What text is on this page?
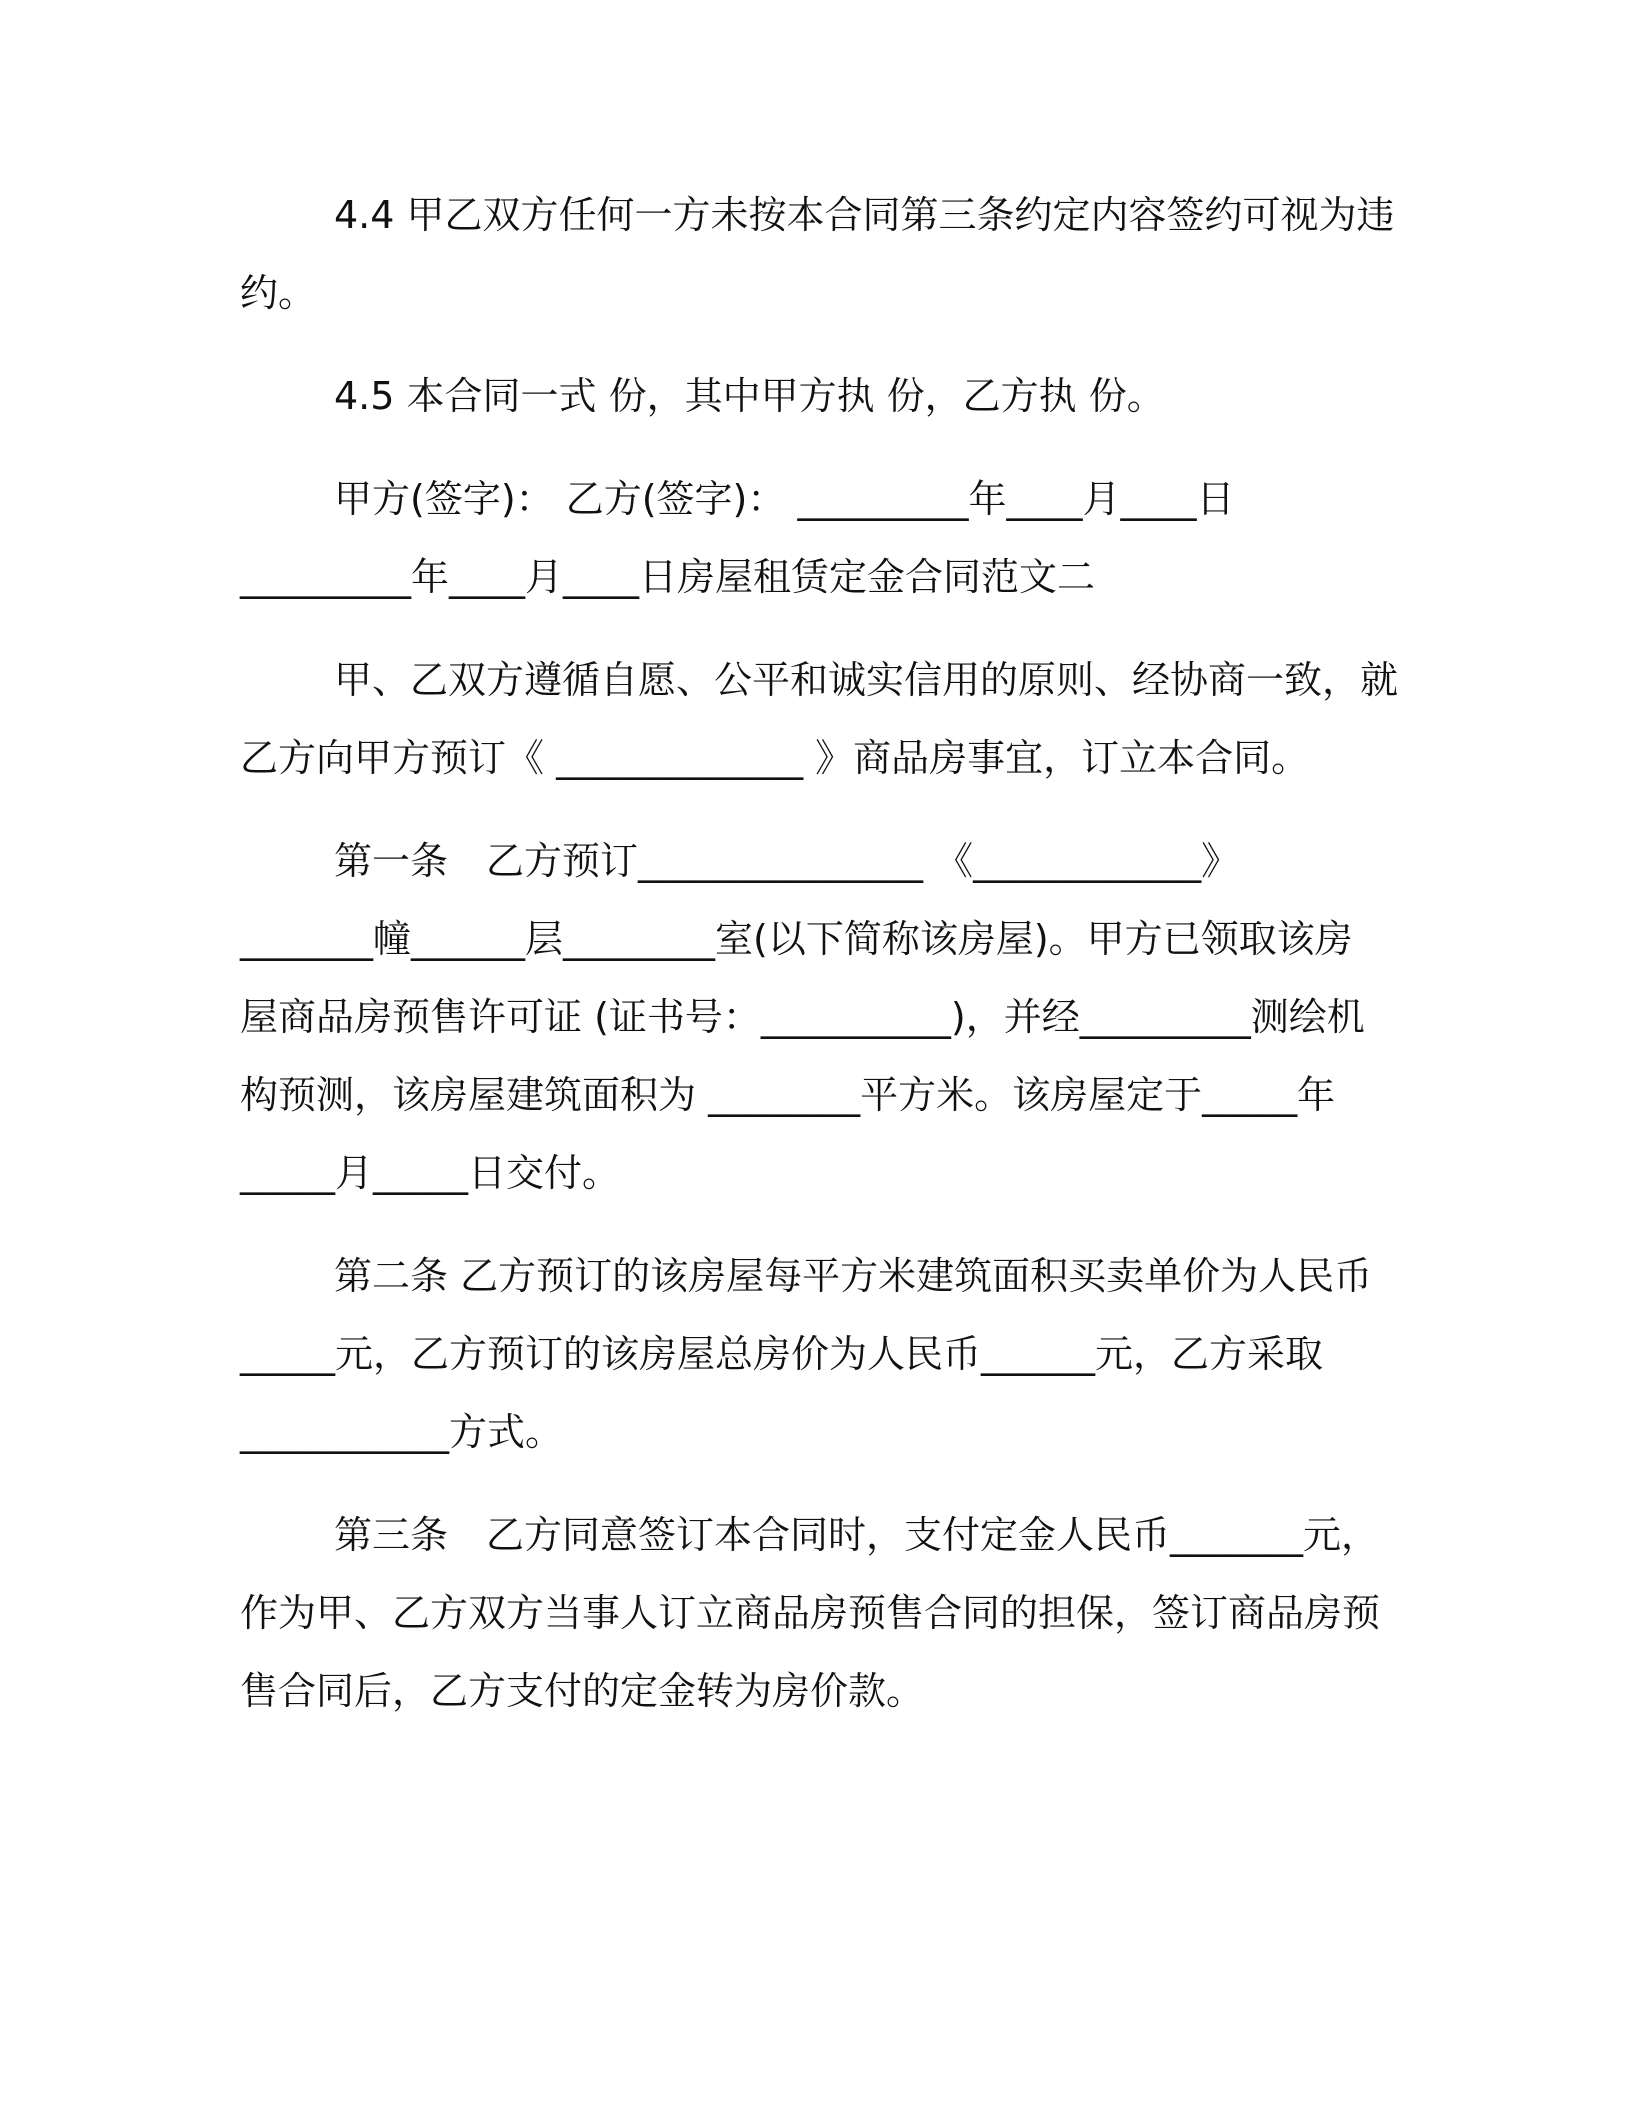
4.4 甲乙双方任何一方未按本合同第三条约定内容签约可视为违
约。
4.5 本合同一式 份，其中甲方执 份，乙方执 份。
甲方(签字)： 乙方(签字)： _________年____月____日
_________年____月____日房屋租赁定金合同范文二
甲、乙双方遵循自愿、公平和诚实信用的原则、经协商一致，就
乙方向甲方预订《 _____________ 》商品房事宜，订立本合同。
第一条　乙方预订_______________ 《____________》
_______幢______层________室(以下简称该房屋)。甲方已领取该房
屋商品房预售许可证 (证书号：__________)，并经_________测绘机
构预测，该房屋建筑面积为 ________平方米。该房屋定于_____年
_____月_____日交付。
第二条 乙方预订的该房屋每平方米建筑面积买卖单价为人民币
_____元，乙方预订的该房屋总房价为人民币______元，乙方采取
___________方式。
第三条　乙方同意签订本合同时，支付定金人民币_______元，
作为甲、乙方双方当事人订立商品房预售合同的担保，签订商品房预
售合同后，乙方支付的定金转为房价款。
